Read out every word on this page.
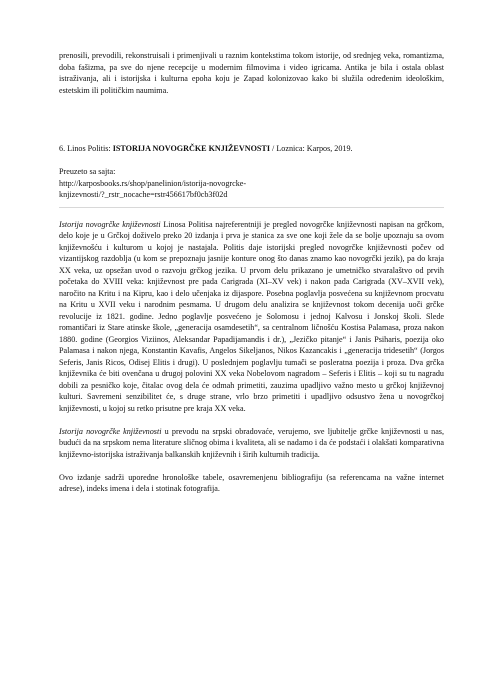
prenosili, prevodili, rekonstruisali i primenjivali u raznim kontekstima tokom istorije, od srednjeg veka, romantizma, doba fašizma, pa sve do njene recepcije u modernim filmovima i video igricama. Antika je bila i ostala oblast istraživanja, ali i istorijska i kulturna epoha koju je Zapad kolonizovao kako bi služila određenim ideološkim, estetskim ili političkim naumima.

6. Linos Politis: ISTORIJA NOVOGRČKE KNJIŽEVNOSTI / Loznica: Karpos, 2019.

Preuzeto sa sajta:

http://karposbooks.rs/shop/panelinion/istorija-novogrcke-

knjizevnosti/?_rstr_nocache=rstr456617bf0cb3f02d

Istorija novogrčke književnosti Linosa Politisa najreferentniji je pregled novogrčke književnosti napisan na grčkom, delo koje je u Grčkoj doživelo preko 20 izdanja i prva je stanica za sve one koji žele da se bolje upoznaju sa ovom književnošću i kulturom u kojoj je nastajala. Politis daje istorijski pregled novogrčke književnosti počev od vizantijskog razdoblja (u kom se prepoznaju jasnije konture onog što danas znamo kao novogrčki jezik), pa do kraja XX veka, uz opsežan uvod o razvoju grčkog jezika. U prvom delu prikazano je umetničko stvaralaštvo od prvih početaka do XVIII veka: književnost pre pada Carigrada (XI–XV vek) i nakon pada Carigrada (XV–XVII vek), naročito na Kritu i na Kipru, kao i delo učenjaka iz dijaspore. Posebna poglavlja posvećena su književnom procvatu na Kritu u XVII veku i narodnim pesmama. U drugom delu analizira se književnost tokom decenija uoči grčke revolucije iz 1821. godine. Jedno poglavlje posvećeno je Solomosu i jednoj Kalvosu i Jonskoj školi. Slede romantičari iz Stare atinske škole, „generacija osamdesetih“, sa centralnom ličnošću Kostisa Palamasa, proza nakon 1880. godine (Georgios Viziinos, Aleksandar Papadijamandis i dr.), „Jezičko pitanje“ i Janis Psiharis, poezija oko Palamasa i nakon njega, Konstantin Kavafis, Angelos Sikeljanos, Nikos Kazancakis i „generacija tridesetih“ (Jorgos Seferis, Janis Ricos, Odisej Elitis i drugi). U poslednjem poglavlju tumači se posleratna poezija i proza. Dva grčka književnika će biti ovenčana u drugoj polovini XX veka Nobelovom nagradom – Seferis i Elitis – koji su tu nagradu dobili za pesničko koje, čitalac ovog dela će odmah primetiti, zauzima upadljivo važno mesto u grčkoj književnoj kulturi. Savremeni senzibilitet će, s druge strane, vrlo brzo primetiti i upadljivo odsustvo žena u novogrčkoj književnosti, u kojoj su retko prisutne pre kraja XX veka.

Istorija novogrčke književnosti u prevodu na srpski obradovaće, verujemo, sve ljubitelje grčke književnosti u nas, budući da na srpskom nema literature sličnog obima i kvaliteta, ali se nadamo i da će podstaći i olakšati komparativna književno-istorijska istraživanja balkanskih književnih i širih kulturnih tradicija.

Ovo izdanje sadrži uporedne hronološke tabele, osavremenjenu bibliografiju (sa referencama na važne internet adrese), indeks imena i dela i stotinak fotografija.
